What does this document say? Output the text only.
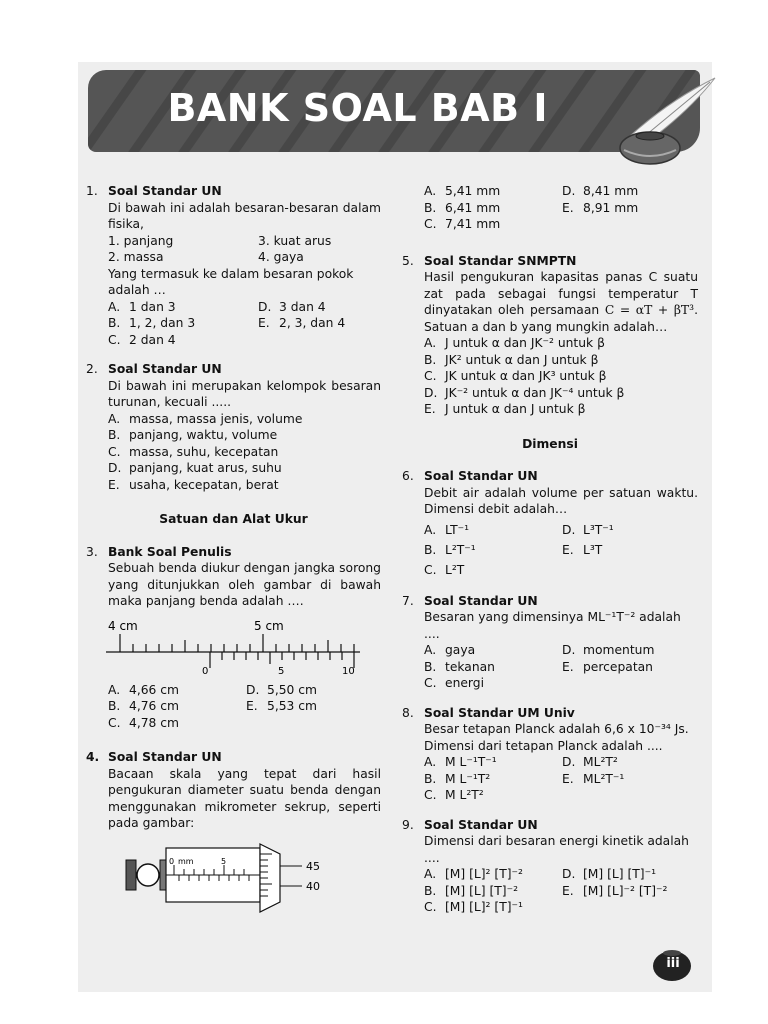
BANK SOAL BAB I
1. Soal Standar UN
Di bawah ini adalah besaran-besaran dalam fisika,
1. panjang	3. kuat arus
2. massa	4. gaya
Yang termasuk ke dalam besaran pokok adalah …
A. 1 dan 3	D. 3 dan 4
B. 1, 2, dan 3	E. 2, 3, dan 4
C. 2 dan 4
2. Soal Standar UN
Di bawah ini merupakan kelompok besaran turunan, kecuali .....
A. massa, massa jenis, volume
B. panjang, waktu, volume
C. massa, suhu, kecepatan
D. panjang, kuat arus, suhu
E. usaha, kecepatan, berat
Satuan dan Alat Ukur
3. Bank Soal Penulis
Sebuah benda diukur dengan jangka sorong yang ditunjukkan oleh gambar di bawah maka panjang benda adalah ….
4 cm	5 cm
0	5	10
A. 4,66 cm	D. 5,50 cm
B. 4,76 cm	E. 5,53 cm
C. 4,78 cm
4. Soal Standar UN
Bacaan skala yang tepat dari hasil pengukuran diameter suatu benda dengan menggunakan mikrometer sekrup, seperti pada gambar:
0 mm	5	45
40
A. 5,41 mm	D. 8,41 mm
B. 6,41 mm	E. 8,91 mm
C. 7,41 mm
5. Soal Standar SNMPTN
Hasil pengukuran kapasitas panas C suatu zat pada sebagai fungsi temperatur T dinyatakan oleh persamaan C = αT + βT³. Satuan a dan b yang mungkin adalah…
A. J untuk α dan JK⁻² untuk β
B. JK² untuk α dan J untuk β
C. JK untuk α dan JK³ untuk β
D. JK⁻² untuk α dan JK⁻⁴ untuk β
E. J untuk α dan J untuk β
Dimensi
6. Soal Standar UN
Debit air adalah volume per satuan waktu. Dimensi debit adalah…
A. LT⁻¹	D. L³T⁻¹
B. L²T⁻¹	E. L³T
C. L²T
7. Soal Standar UN
Besaran yang dimensinya ML⁻¹T⁻² adalah ....
A. gaya	D. momentum
B. tekanan	E. percepatan
C. energi
8. Soal Standar UM Univ
Besar tetapan Planck adalah 6,6 x 10⁻³⁴ Js. Dimensi dari tetapan Planck adalah ....
A. M L⁻¹T⁻¹	D. ML²T²
B. M L⁻¹T²	E. ML²T⁻¹
C. M L²T²
9. Soal Standar UN
Dimensi dari besaran energi kinetik adalah ....
A. [M] [L]² [T]⁻²	D. [M] [L] [T]⁻¹
B. [M] [L] [T]⁻²	E. [M] [L]⁻² [T]⁻²
C. [M] [L]² [T]⁻¹
iii
